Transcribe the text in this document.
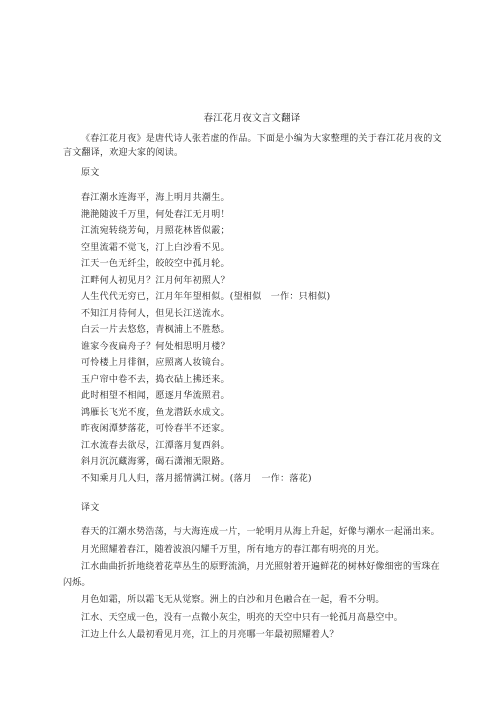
春江花月夜文言文翻译
《春江花月夜》是唐代诗人张若虚的作品。下面是小编为大家整理的关于春江花月夜的文言文翻译，欢迎大家的阅读。
原文
春江潮水连海平，海上明月共潮生。
滟滟随波千万里，何处春江无月明！
江流宛转绕芳甸，月照花林皆似霰；
空里流霜不觉飞，汀上白沙看不见。
江天一色无纤尘，皎皎空中孤月轮。
江畔何人初见月？江月何年初照人？
人生代代无穷已，江月年年望相似。(望相似　一作：只相似)
不知江月待何人，但见长江送流水。
白云一片去悠悠，青枫浦上不胜愁。
谁家今夜扁舟子？何处相思明月楼？
可怜楼上月徘徊，应照离人妆镜台。
玉户帘中卷不去，捣衣砧上拂还来。
此时相望不相闻，愿逐月华流照君。
鸿雁长飞光不度，鱼龙潜跃水成文。
昨夜闲潭梦落花，可怜春半不还家。
江水流春去欲尽，江潭落月复西斜。
斜月沉沉藏海雾，碣石潇湘无限路。
不知乘月几人归，落月摇情满江树。(落月　一作：落花)
译文
春天的江潮水势浩荡，与大海连成一片，一轮明月从海上升起，好像与潮水一起涌出来。
月光照耀着春江，随着波浪闪耀千万里，所有地方的春江都有明亮的月光。
江水曲曲折折地绕着花草丛生的原野流淌，月光照射着开遍鲜花的树林好像细密的雪珠在闪烁。
月色如霜，所以霜飞无从觉察。洲上的白沙和月色融合在一起，看不分明。
江水、天空成一色，没有一点微小灰尘，明亮的天空中只有一轮孤月高悬空中。
江边上什么人最初看见月亮，江上的月亮哪一年最初照耀着人？
